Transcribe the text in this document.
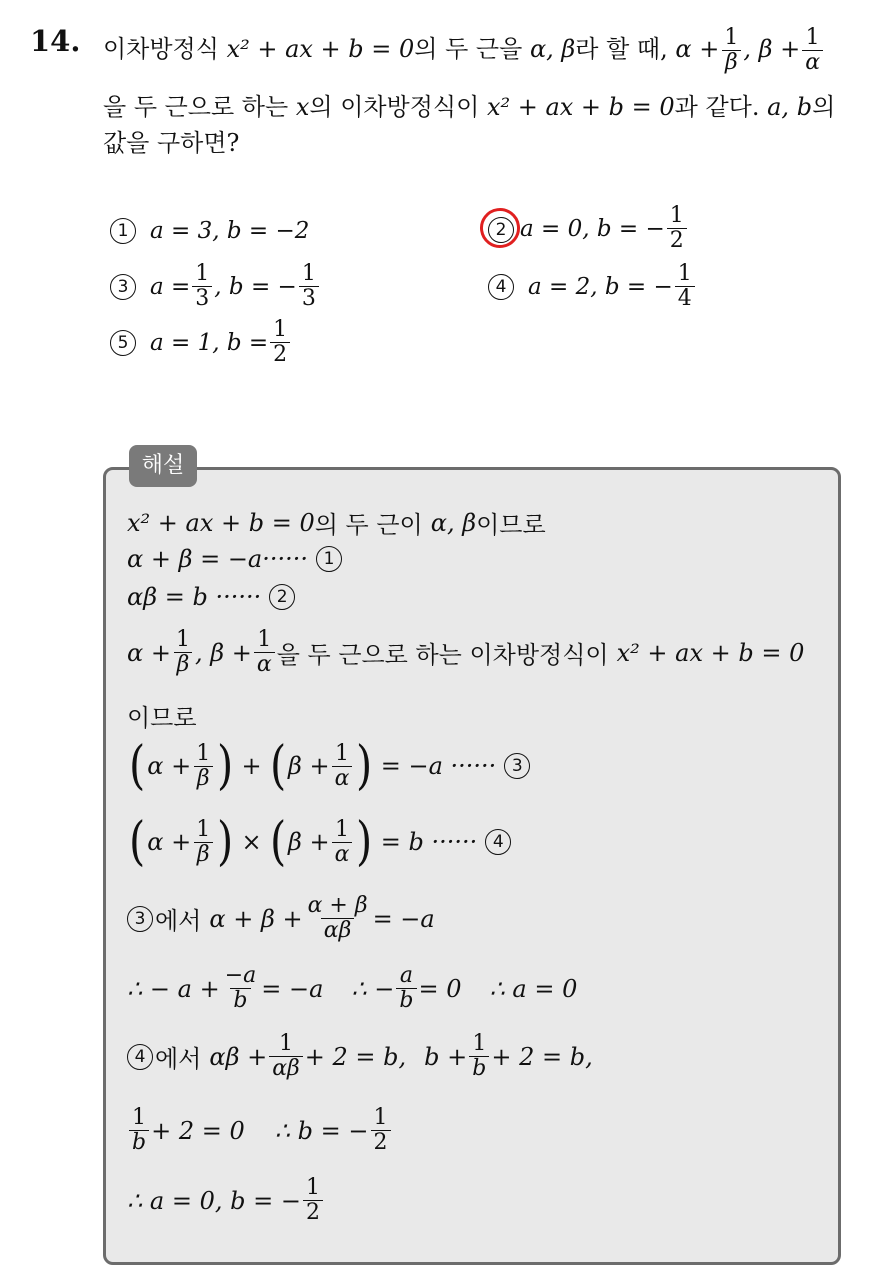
14. 이차방정식 x² + ax + b = 0의 두 근을 α, β라 할 때, $\alpha + \frac{1}{\beta}$ , $\beta + \frac{1}{\alpha}$
을 두 근으로 하는 x의 이차방정식이 x² + ax + b = 0과 같다. a, b의
값을 구하면?
1 a = 3, b = −2	2 a = 0, b = − $\frac{1}{2}$
3 $a = \frac{1}{3}$ , b = − $\frac{1}{3}$	4 a = 2, b = − $\frac{1}{4}$
5 a = 1, $b = \frac{1}{2}$
해설
x² + ax + b = 0 의 두 근이 α, β 이므로
α + β = −a······ 1
αβ = b ······ 2
$\alpha + \frac{1}{\beta}$ , $\beta + \frac{1}{\alpha}$ 을 두 근으로 하는 이차방정식이 x² + ax + b = 0
이므로
( $\alpha + \frac{1}{\beta}$ ) + ( $\beta + \frac{1}{\alpha}$ ) = −a ······ 3
( $\alpha + \frac{1}{\beta}$ ) × ( $\beta + \frac{1}{\alpha}$ ) = b ······ 4
3 에서 $\alpha + \beta + \frac{\alpha + \beta}{\alpha\beta} = -a$
∴ − $a + \frac{-a}{b} = -a$ ∴ − $\frac{a}{b} = 0$ ∴ a = 0
4 에서 $\alpha\beta + \frac{1}{\alpha\beta} + 2 = b$, $b + \frac{1}{b} + 2 = b$,
$\frac{1}{b} + 2 = 0$ ∴ b = − $\frac{1}{2}$
∴ a = 0, b = − $\frac{1}{2}$
